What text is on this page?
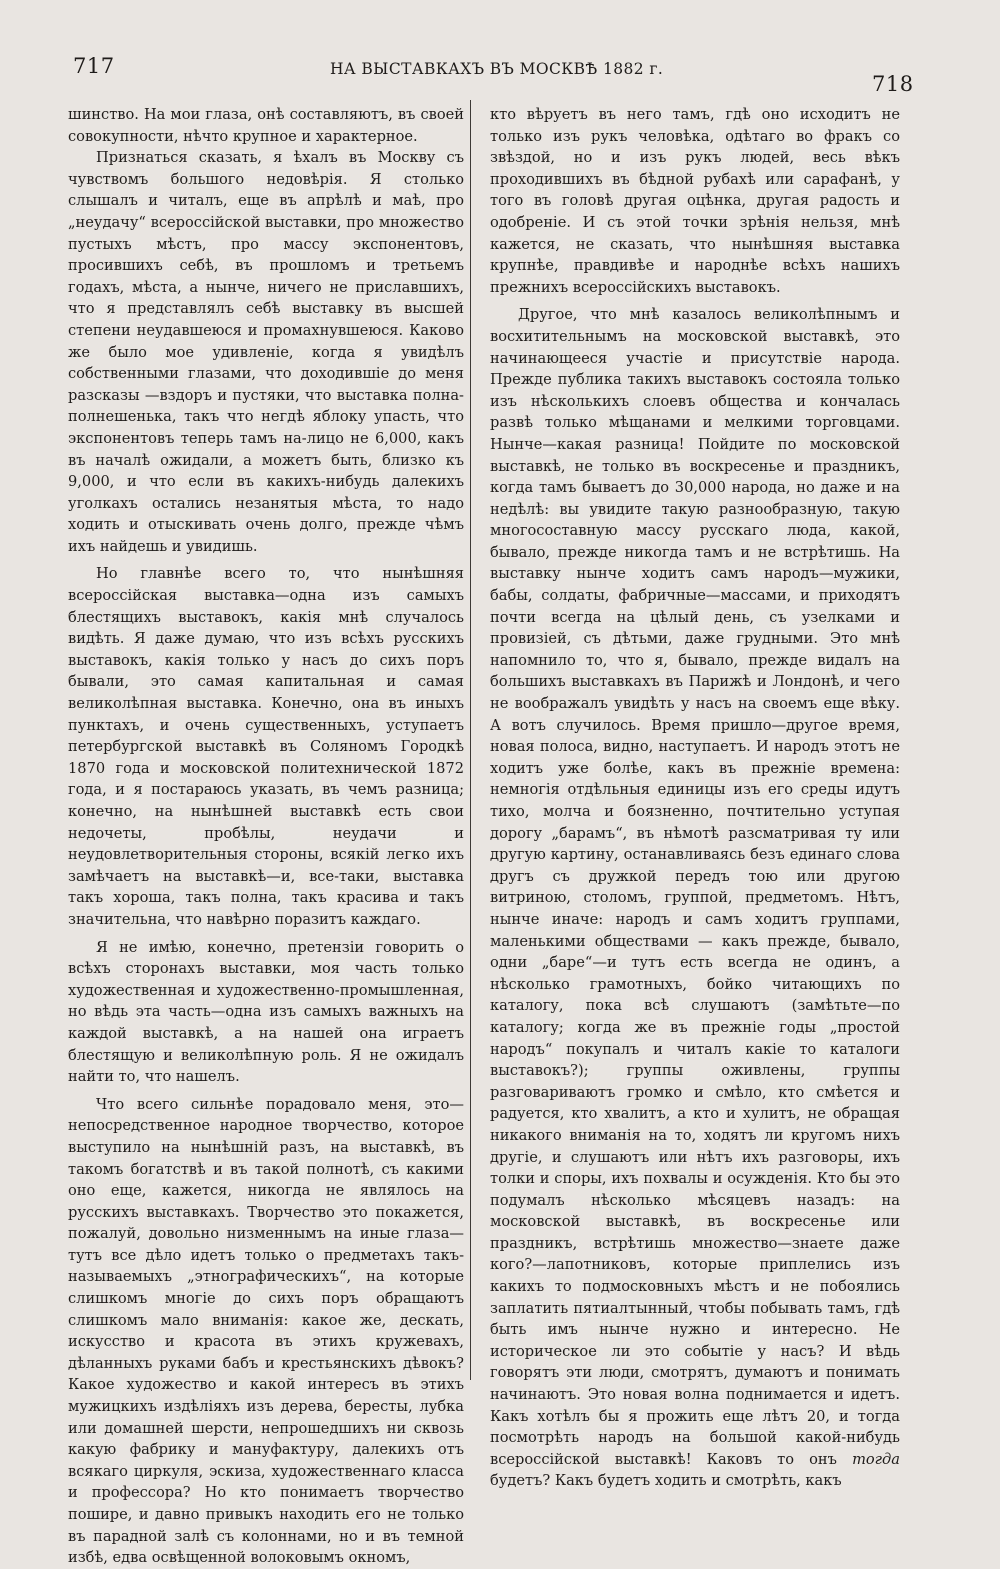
717	НА ВЫСТАВКАХЪ ВЪ МОСКВѢ 1882 г.
718

шинство. На мои глаза, онѣ составляютъ, въ своей совокупности, нѣчто крупное и характерное.

Признаться сказать, я ѣхалъ въ Москву съ чувствомъ большого недовѣрія. Я столько слышалъ и читалъ, еще въ апрѣлѣ и маѣ, про „неудачу“ всероссійской выставки, про множество пустыхъ мѣстъ, про массу экспонентовъ, просившихъ себѣ, въ прошломъ и третьемъ годахъ, мѣста, а нынче, ничего не приславшихъ, что я представлялъ себѣ выставку въ высшей степени неудавшеюся и промахнувшеюся. Каково же было мое удивленіе, когда я увидѣлъ собственными глазами, что доходившіе до меня разсказы —вздоръ и пустяки, что выставка полна-полнешенька, такъ что негдѣ яблоку упасть, что экспонентовъ теперь тамъ на-лицо не 6,000, какъ въ началѣ ожидали, а можетъ быть, близко къ 9,000, и что если въ какихъ-нибудь далекихъ уголкахъ остались незанятыя мѣста, то надо ходить и отыскивать очень долго, прежде чѣмъ ихъ найдешь и увидишь.

Но главнѣе всего то, что нынѣшняя всероссійская выставка—одна изъ самыхъ блестящихъ выставокъ, какія мнѣ случалось видѣть. Я даже думаю, что изъ всѣхъ русскихъ выставокъ, какія только у насъ до сихъ поръ бывали, это самая капитальная и самая великолѣпная выставка. Конечно, она въ иныхъ пунктахъ, и очень существенныхъ, уступаетъ петербургской выставкѣ въ Соляномъ Городкѣ 1870 года и московской политехнической 1872 года, и я постараюсь указать, въ чемъ разница; конечно, на нынѣшней выставкѣ есть свои недочеты, пробѣлы, неудачи и неудовлетворительныя стороны, всякій легко ихъ замѣчаетъ на выставкѣ—и, все-таки, выставка такъ хороша, такъ полна, такъ красива и такъ значительна, что навѣрно поразитъ каждаго.

Я не имѣю, конечно, претензіи говорить о всѣхъ сторонахъ выставки, моя часть только художественная и художественно-промышленная, но вѣдь эта часть—одна изъ самыхъ важныхъ на каждой выставкѣ, а на нашей она играетъ блестящую и великолѣпную роль. Я не ожидалъ найти то, что нашелъ.

Что всего сильнѣе порадовало меня, это—непосредственное народное творчество, которое выступило на нынѣшній разъ, на выставкѣ, въ такомъ богатствѣ и въ такой полнотѣ, съ какими оно еще, кажется, никогда не являлось на русскихъ выставкахъ. Творчество это покажется, пожалуй, довольно низменнымъ на иные глаза—тутъ все дѣло идетъ только о предметахъ такъ-называемыхъ „этнографическихъ“, на которые слишкомъ многіе до сихъ поръ обращаютъ слишкомъ мало вниманія: какое же, дескать, искусство и красота въ этихъ кружевахъ, дѣланныхъ руками бабъ и крестьянскихъ дѣвокъ? Какое художество и какой интересъ въ этихъ мужицкихъ издѣліяхъ изъ дерева, бересты, лубка или домашней шерсти, непрошедшихъ ни сквозь какую фабрику и мануфактуру, далекихъ отъ всякаго циркуля, эскиза, художественнаго класса и профессора? Но кто понимаетъ творчество пошире, и давно привыкъ находить его не только въ парадной залѣ съ колоннами, но и въ темной избѣ, едва освѣщенной волоковымъ окномъ,

кто вѣруетъ въ него тамъ, гдѣ оно исходитъ не только изъ рукъ человѣка, одѣтаго во фракъ со звѣздой, но и изъ рукъ людей, весь вѣкъ проходившихъ въ бѣдной рубахѣ или сарафанѣ, у того въ головѣ другая оцѣнка, другая радость и одобреніе. И съ этой точки зрѣнія нельзя, мнѣ кажется, не сказать, что нынѣшняя выставка крупнѣе, правдивѣе и народнѣе всѣхъ нашихъ прежнихъ всероссійскихъ выставокъ.

Другое, что мнѣ казалось великолѣпнымъ и восхитительнымъ на московской выставкѣ, это начинающееся участіе и присутствіе народа. Прежде публика такихъ выставокъ состояла только изъ нѣсколькихъ слоевъ общества и кончалась развѣ только мѣщанами и мелкими торговцами. Нынче—какая разница! Пойдите по московской выставкѣ, не только въ воскресенье и праздникъ, когда тамъ бываетъ до 30,000 народа, но даже и на недѣлѣ: вы увидите такую разнообразную, такую многосоставную массу русскаго люда, какой, бывало, прежде никогда тамъ и не встрѣтишь. На выставку нынче ходитъ самъ народъ—мужики, бабы, солдаты, фабричные—массами, и приходятъ почти всегда на цѣлый день, съ узелками и провизіей, съ дѣтьми, даже грудными. Это мнѣ напомнило то, что я, бывало, прежде видалъ на большихъ выставкахъ въ Парижѣ и Лондонѣ, и чего не воображалъ увидѣть у насъ на своемъ еще вѣку. А вотъ случилось. Время пришло—другое время, новая полоса, видно, наступаетъ. И народъ этотъ не ходитъ уже болѣе, какъ въ прежніе времена: немногія отдѣльныя единицы изъ его среды идутъ тихо, молча и боязненно, почтительно уступая дорогу „барамъ“, въ нѣмотѣ разсматривая ту или другую картину, останавливаясь безъ единаго слова другъ съ дружкой передъ тою или другою витриною, столомъ, группой, предметомъ. Нѣтъ, нынче иначе: народъ и самъ ходитъ группами, маленькими обществами — какъ прежде, бывало, одни „баре“—и тутъ есть всегда не одинъ, а нѣсколько грамотныхъ, бойко читающихъ по каталогу, пока всѣ слушаютъ (замѣтьте—по каталогу; когда же въ прежніе годы „простой народъ“ покупалъ и читалъ какіе то каталоги выставокъ?); группы оживлены, группы разговариваютъ громко и смѣло, кто смѣется и радуется, кто хвалитъ, а кто и хулитъ, не обращая никакого вниманія на то, ходятъ ли кругомъ нихъ другіе, и слушаютъ или нѣтъ ихъ разговоры, ихъ толки и споры, ихъ похвалы и осужденія. Кто бы это подумалъ нѣсколько мѣсяцевъ назадъ: на московской выставкѣ, въ воскресенье или праздникъ, встрѣтишь множество—знаете даже кого?—лапотниковъ, которые приплелись изъ какихъ то подмосковныхъ мѣстъ и не побоялись заплатить пятиалтынный, чтобы побывать тамъ, гдѣ быть имъ нынче нужно и интересно. Не историческое ли это событіе у насъ? И вѣдь говорятъ эти люди, смотрятъ, думаютъ и понимать начинаютъ. Это новая волна поднимается и идетъ. Какъ хотѣлъ бы я прожить еще лѣтъ 20, и тогда посмотрѣть народъ на большой какой-нибудь всероссійской выставкѣ! Каковъ то онъ тогда будетъ? Какъ будетъ ходить и смотрѣть, какъ
